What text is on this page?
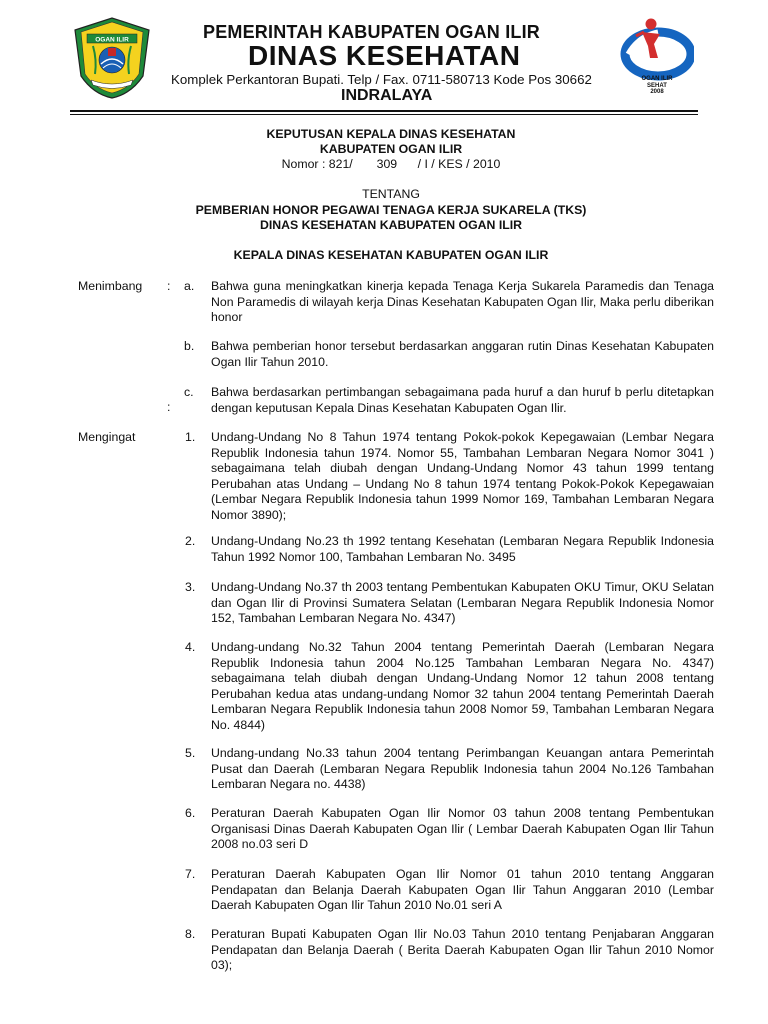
OGAN ILIR	PEMERINTAH KABUPATEN OGAN ILIR
DINAS KESEHATAN
Komplek Perkantoran Bupati. Telp / Fax. 0711-580713 Kode Pos 30662
INDRALAYA
OGAN ILIR
SEHAT
2008
KEPUTUSAN KEPALA DINAS KESEHATAN
KABUPATEN OGAN ILIR
Nomor : 821/       309      / I / KES / 2010
TENTANG
PEMBERIAN HONOR PEGAWAI TENAGA KERJA SUKARELA (TKS)
DINAS KESEHATAN KABUPATEN OGAN ILIR
KEPALA DINAS KESEHATAN KABUPATEN OGAN ILIR
Menimbang : a. Bahwa guna meningkatkan kinerja kepada Tenaga Kerja Sukarela Paramedis dan Tenaga Non Paramedis di wilayah kerja Dinas Kesehatan Kabupaten Ogan Ilir, Maka perlu diberikan honor
b. Bahwa pemberian honor tersebut berdasarkan anggaran rutin Dinas Kesehatan Kabupaten Ogan Ilir Tahun 2010.
c. Bahwa berdasarkan pertimbangan sebagaimana pada huruf a dan huruf b perlu ditetapkan dengan keputusan Kepala Dinas Kesehatan Kabupaten Ogan Ilir.
:
Mengingat	1. Undang-Undang No 8 Tahun 1974 tentang Pokok-pokok Kepegawaian (Lembar Negara Republik Indonesia tahun 1974. Nomor 55, Tambahan Lembaran Negara Nomor 3041 ) sebagaimana telah diubah dengan Undang-Undang Nomor 43 tahun 1999 tentang Perubahan atas Undang – Undang No 8 tahun 1974 tentang Pokok-Pokok Kepegawaian (Lembar Negara Republik Indonesia tahun 1999 Nomor 169, Tambahan Lembaran Negara Nomor 3890);
2. Undang-Undang No.23 th 1992 tentang Kesehatan (Lembaran Negara Republik Indonesia Tahun 1992 Nomor 100, Tambahan Lembaran No. 3495
3. Undang-Undang No.37 th 2003 tentang Pembentukan Kabupaten OKU Timur, OKU Selatan dan Ogan Ilir di Provinsi Sumatera Selatan (Lembaran Negara Republik Indonesia Nomor 152, Tambahan Lembaran Negara No. 4347)
4. Undang-undang No.32 Tahun 2004 tentang Pemerintah Daerah (Lembaran Negara Republik Indonesia tahun 2004 No.125 Tambahan Lembaran Negara No. 4347) sebagaimana telah diubah dengan Undang-Undang Nomor 12 tahun 2008 tentang Perubahan kedua atas undang-undang Nomor 32 tahun 2004 tentang Pemerintah Daerah Lembaran Negara Republik Indonesia tahun 2008 Nomor 59, Tambahan Lembaran Negara No. 4844)
5. Undang-undang No.33 tahun 2004 tentang Perimbangan Keuangan antara Pemerintah Pusat dan Daerah (Lembaran Negara Republik Indonesia tahun 2004 No.126 Tambahan Lembaran Negara no. 4438)
6. Peraturan Daerah Kabupaten Ogan Ilir Nomor 03 tahun 2008 tentang Pembentukan Organisasi Dinas Daerah Kabupaten Ogan Ilir ( Lembar Daerah Kabupaten Ogan Ilir Tahun 2008 no.03 seri D
7. Peraturan Daerah Kabupaten Ogan Ilir Nomor 01 tahun 2010 tentang Anggaran Pendapatan dan Belanja Daerah Kabupaten Ogan Ilir Tahun Anggaran 2010 (Lembar Daerah Kabupaten Ogan Ilir Tahun 2010 No.01 seri A
8. Peraturan Bupati Kabupaten Ogan Ilir No.03 Tahun 2010 tentang Penjabaran Anggaran Pendapatan dan Belanja Daerah ( Berita Daerah Kabupaten Ogan Ilir Tahun 2010 Nomor 03);
